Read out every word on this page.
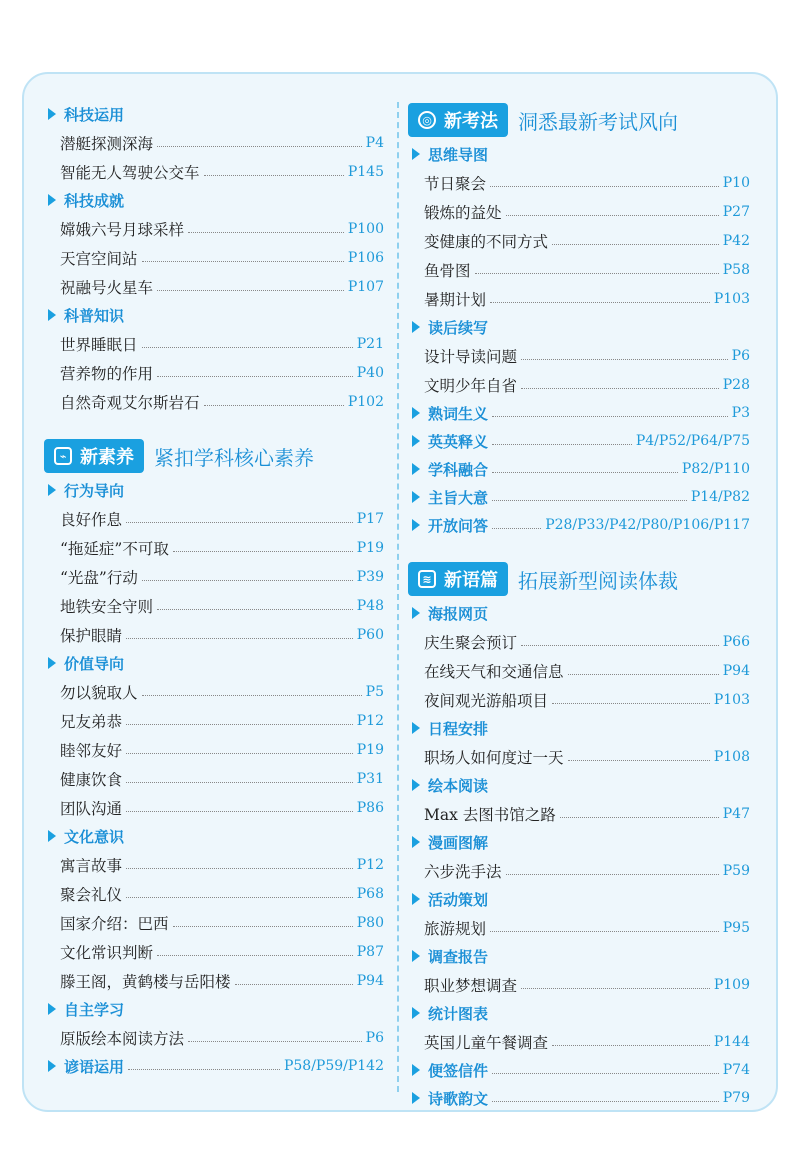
科技运用
潜艇探测深海	P4
智能无人驾驶公交车	P145
科技成就
嫦娥六号月球采样	P100
天宫空间站	P106
祝融号火星车	P107
科普知识
世界睡眠日	P21
营养物的作用	P40
自然奇观艾尔斯岩石	P102
⌁ 新素养 紧扣学科核心素养
行为导向
良好作息	P17
“拖延症”不可取	P19
“光盘”行动	P39
地铁安全守则	P48
保护眼睛	P60
价值导向
勿以貌取人	P5
兄友弟恭	P12
睦邻友好	P19
健康饮食	P31
团队沟通	P86
文化意识
寓言故事	P12
聚会礼仪	P68
国家介绍：巴西	P80
文化常识判断	P87
滕王阁，黄鹤楼与岳阳楼	P94
自主学习
原版绘本阅读方法	P6
谚语运用	P58/P59/P142
◎ 新考法 洞悉最新考试风向
思维导图
节日聚会	P10
锻炼的益处	P27
变健康的不同方式	P42
鱼骨图	P58
暑期计划	P103
读后续写
设计导读问题	P6
文明少年自省	P28
熟词生义	P3
英英释义	P4/P52/P64/P75
学科融合	P82/P110
主旨大意	P14/P82
开放问答	P28/P33/P42/P80/P106/P117
≋ 新语篇 拓展新型阅读体裁
海报网页
庆生聚会预订	P66
在线天气和交通信息	P94
夜间观光游船项目	P103
日程安排
职场人如何度过一天	P108
绘本阅读
Max 去图书馆之路	P47
漫画图解
六步洗手法	P59
活动策划
旅游规划	P95
调查报告
职业梦想调查	P109
统计图表
英国儿童午餐调查	P144
便签信件	P74
诗歌韵文	P79
